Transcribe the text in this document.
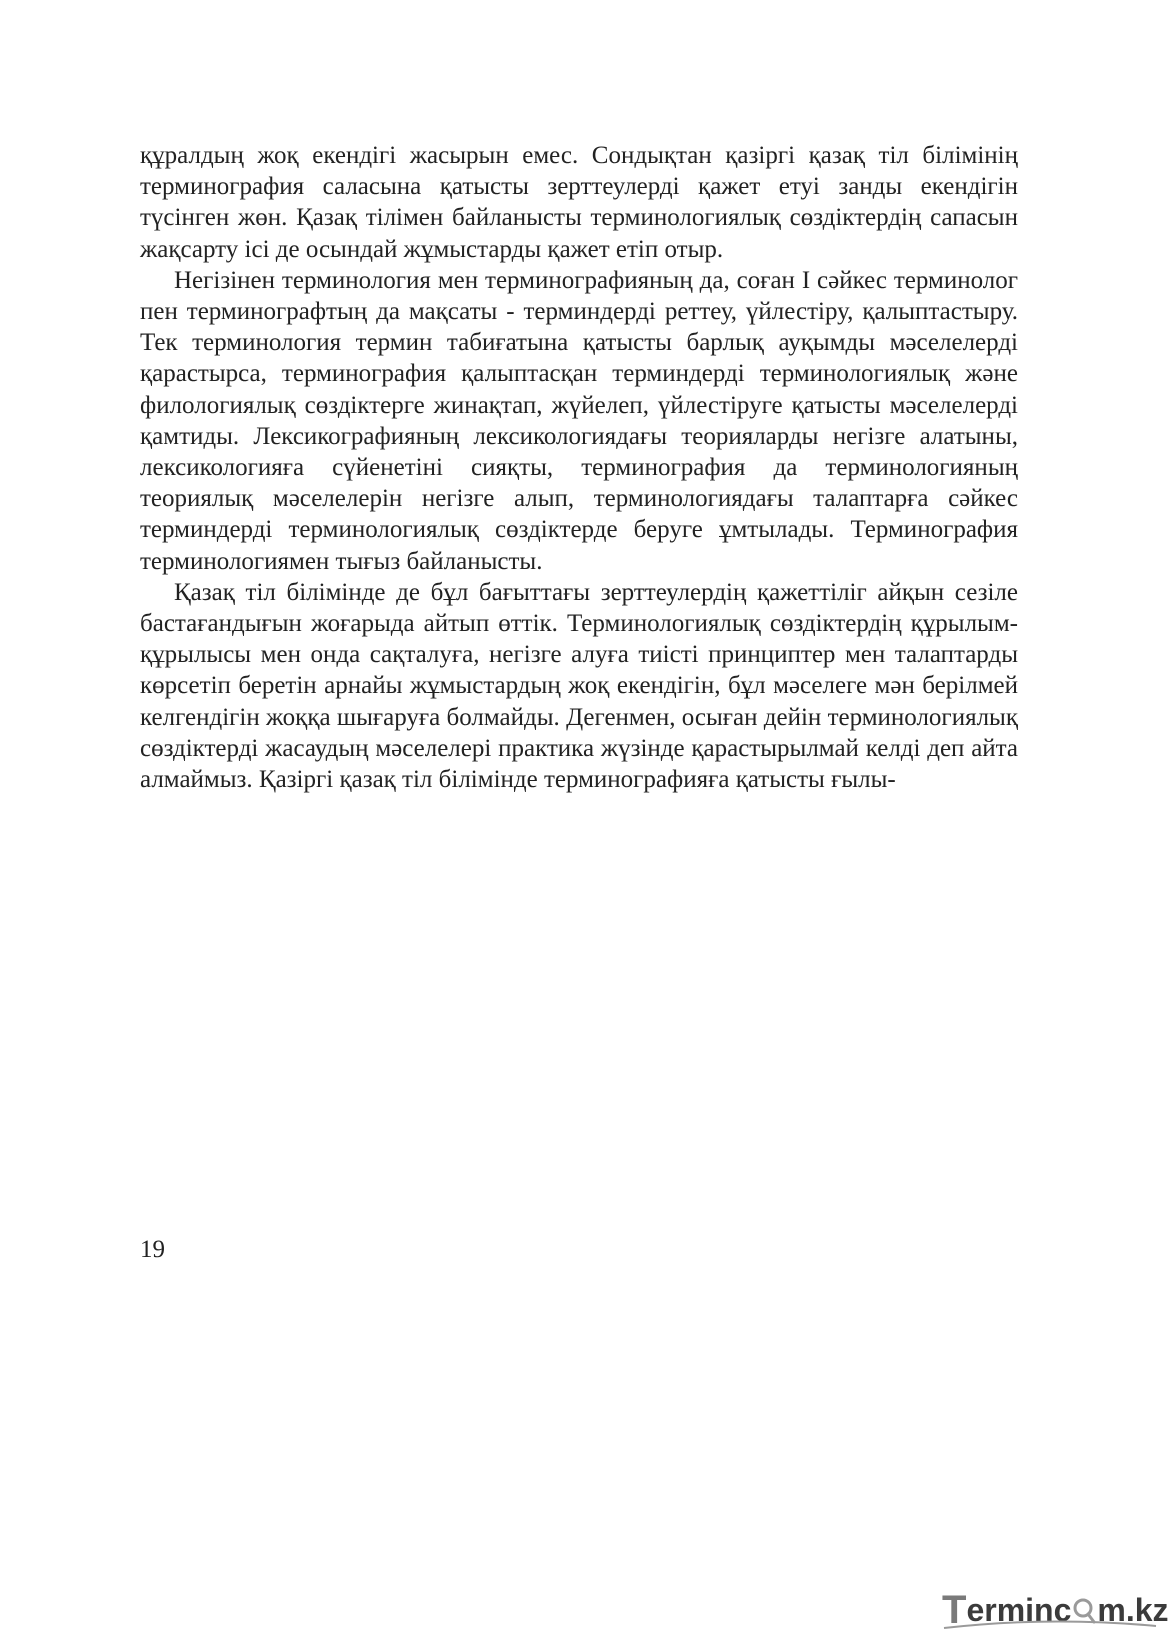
құралдың жоқ екендігі жасырын емес. Сондықтан қазіргі қазақ тіл білімінің терминография саласына қатысты зерттеулерді қажет етуі занды екендігін түсінген жөн. Қазақ тілімен байланысты терминологиялық сөздіктердің сапасын жақсарту ісі де осындай жұмыстарды қажет етіп отыр.

Негізінен терминология мен терминографияның да, соған I сәйкес терминолог пен терминографтың да мақсаты - терминдерді реттеу, үйлестіру, қалыптастыру. Тек терминология термин табиғатына қатысты барлық ауқымды мәселелерді қарастырса, терминография қалыптасқан терминдерді терминологиялық және филологиялық сөздіктерге жинақтап, жүйелеп, үйлестіруге қатысты мәселелерді қамтиды. Лексикографияның лексикологиядағы теорияларды негізге алатыны, лексикологияға сүйенетіні сияқты, терминография да терминологияның теориялық мәселелерін негізге алып, терминологиядағы талаптарға сәйкес терминдерді терминологиялық сөздіктерде беруге ұмтылады. Терминография терминологиямен тығыз байланысты.

Қазақ тіл білімінде де бұл бағыттағы зерттеулердің қажеттіліг айқын сезіле бастағандығын жоғарыда айтып өттік. Терминологиялық сөздіктердің құрылым-құрылысы мен онда сақталуға, негізге алуға тиісті принциптер мен талаптарды көрсетіп беретін арнайы жұмыстардың жоқ екендігін, бұл мәселеге мән берілмей келгендігін жоққа шығаруға болмайды. Дегенмен, осыған дейін терминологиялық сөздіктерді жасаудың мәселелері практика жүзінде қарастырылмай келді деп айта алмаймыз. Қазіргі қазақ тіл білімінде терминографияға қатысты ғылы-

19
T ermin c m.kz
